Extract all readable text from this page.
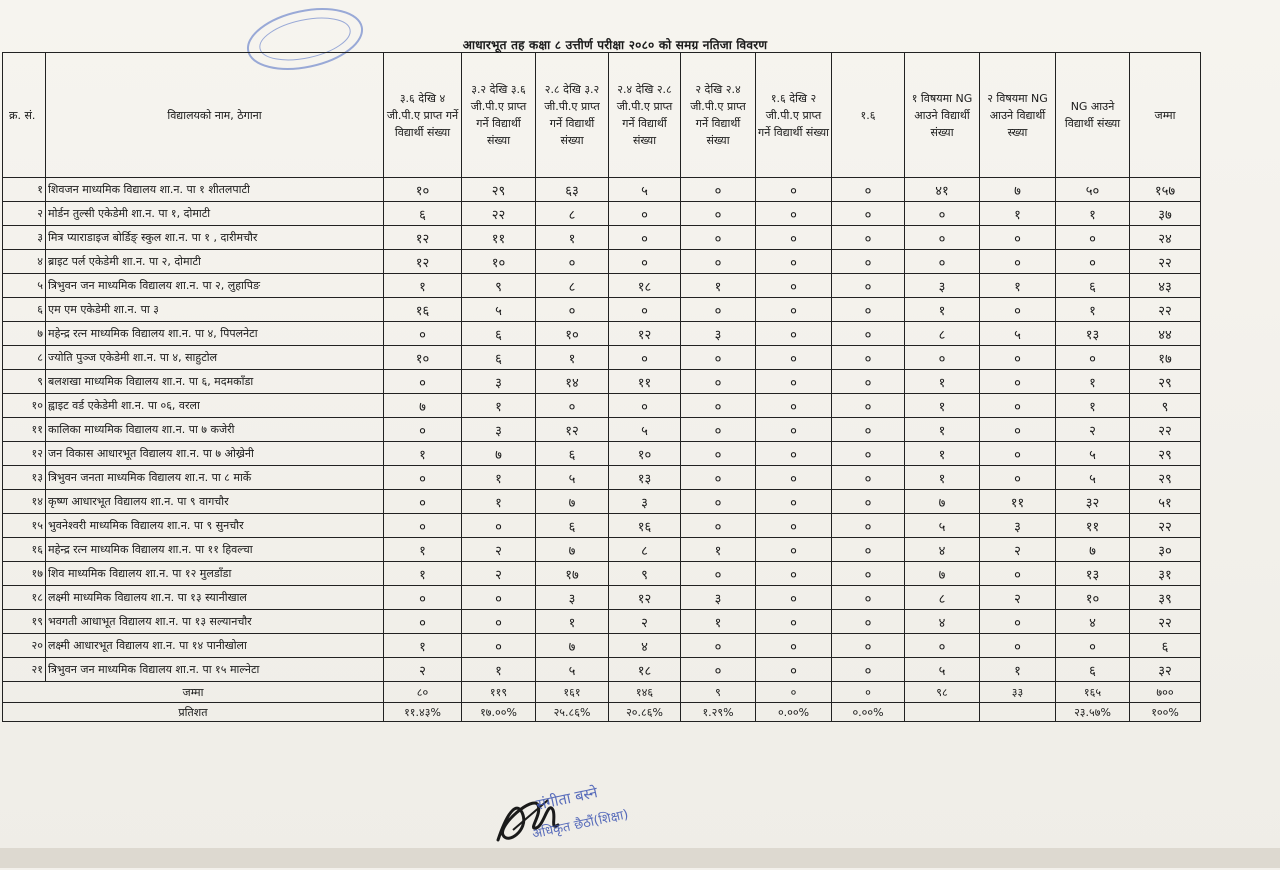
आधारभूत तह कक्षा ८ उत्तीर्ण परीक्षा २०८० को समग्र नतिजा विवरण
क्र. सं.	विद्यालयको नाम, ठेगाना	३.६ देखि ४ जी.पी.ए प्राप्त गर्ने विद्यार्थी संख्या	३.२ देखि ३.६ जी.पी.ए प्राप्त गर्ने विद्यार्थी संख्या	२.८ देखि ३.२ जी.पी.ए प्राप्त गर्ने विद्यार्थी संख्या	२.४ देखि २.८ जी.पी.ए प्राप्त गर्ने विद्यार्थी संख्या	२ देखि २.४ जी.पी.ए प्राप्त गर्ने विद्यार्थी संख्या	१.६ देखि २ जी.पी.ए प्राप्त गर्ने विद्यार्थी संख्या	१.६	१ विषयमा NG आउने विद्यार्थी संख्या	२ विषयमा NG आउने विद्यार्थी स्ख्या	NG आउने विद्यार्थी संख्या	जम्मा
१	शिवजन माध्यमिक विद्यालय शा.न. पा १ शीतलपाटी	१०	२९	६३	५	०	०	०	४१	७	५०	१५७
२	मोर्डन तुल्सी एकेडेमी शा.न. पा १, दोमाटी	६	२२	८	०	०	०	०	०	१	१	३७
३	मित्र प्याराडाइज बोर्डिङ् स्कुल शा.न. पा १ , दारीमचौर	१२	११	१	०	०	०	०	०	०	०	२४
४	ब्राइट पर्ल एकेडेमी शा.न. पा २, दोमाटी	१२	१०	०	०	०	०	०	०	०	०	२२
५	त्रिभुवन जन माध्यमिक विद्यालय शा.न. पा २, लुहापिङ	१	९	८	१८	१	०	०	३	१	६	४३
६	एम एम एकेडेमी शा.न. पा ३	१६	५	०	०	०	०	०	१	०	१	२२
७	महेन्द्र रत्न माध्यमिक विद्यालय शा.न. पा ४, पिपलनेटा	०	६	१०	१२	३	०	०	८	५	१३	४४
८	ज्योति पुञ्ज एकेडेमी शा.न. पा ४, साहुटोल	१०	६	१	०	०	०	०	०	०	०	१७
९	बलशखा माध्यमिक विद्यालय शा.न. पा ६, मदमकाँडा	०	३	१४	११	०	०	०	१	०	१	२९
१०	ह्वाइट वर्ड एकेडेमी शा.न. पा ०६, वरला	७	१	०	०	०	०	०	१	०	१	९
११	कालिका माध्यमिक विद्यालय शा.न. पा ७ कजेरी	०	३	१२	५	०	०	०	१	०	२	२२
१२	जन विकास आधारभूत विद्यालय शा.न. पा ७ ओख्रेनी	१	७	६	१०	०	०	०	१	०	५	२९
१३	त्रिभुवन जनता माध्यमिक विद्यालय शा.न. पा ८ मार्के	०	१	५	१३	०	०	०	१	०	५	२९
१४	कृष्ण आधारभूत विद्यालय शा.न. पा ९ वागचौर	०	१	७	३	०	०	०	७	११	३२	५१
१५	भुवनेश्वरी माध्यमिक विद्यालय शा.न. पा ९ सुनचौर	०	०	६	१६	०	०	०	५	३	११	२२
१६	महेन्द्र रत्न माध्यमिक विद्यालय शा.न. पा ११ हिवल्चा	१	२	७	८	१	०	०	४	२	७	३०
१७	शिव माध्यमिक विद्यालय शा.न. पा १२ मुलडाँडा	१	२	१७	९	०	०	०	७	०	१३	३१
१८	लक्ष्मी माध्यमिक विद्यालय शा.न. पा १३ स्यानीखाल	०	०	३	१२	३	०	०	८	२	१०	३९
१९	भवगती आधाभूत विद्यालय शा.न. पा १३ सल्यानचौर	०	०	१	२	१	०	०	४	०	४	२२
२०	लक्ष्मी आधारभूत विद्यालय शा.न. पा १४ पानीखोला	१	०	७	४	०	०	०	०	०	०	६
२१	त्रिभुवन जन माध्यमिक विद्यालय शा.न. पा १५ माल्नेटा	२	१	५	१८	०	०	०	५	१	६	३२
जम्मा		८०	११९	१६१	१४६	९	०	०	९८	३३	१६५	७००
प्रतिशत		११.४३%	१७.००%	२५.८६%	२०.८६%	१.२९%	०.००%	०.००%			२३.५७%	१००%
संगीता बस्ने
अधिकृत छैठौं(शिक्षा)
